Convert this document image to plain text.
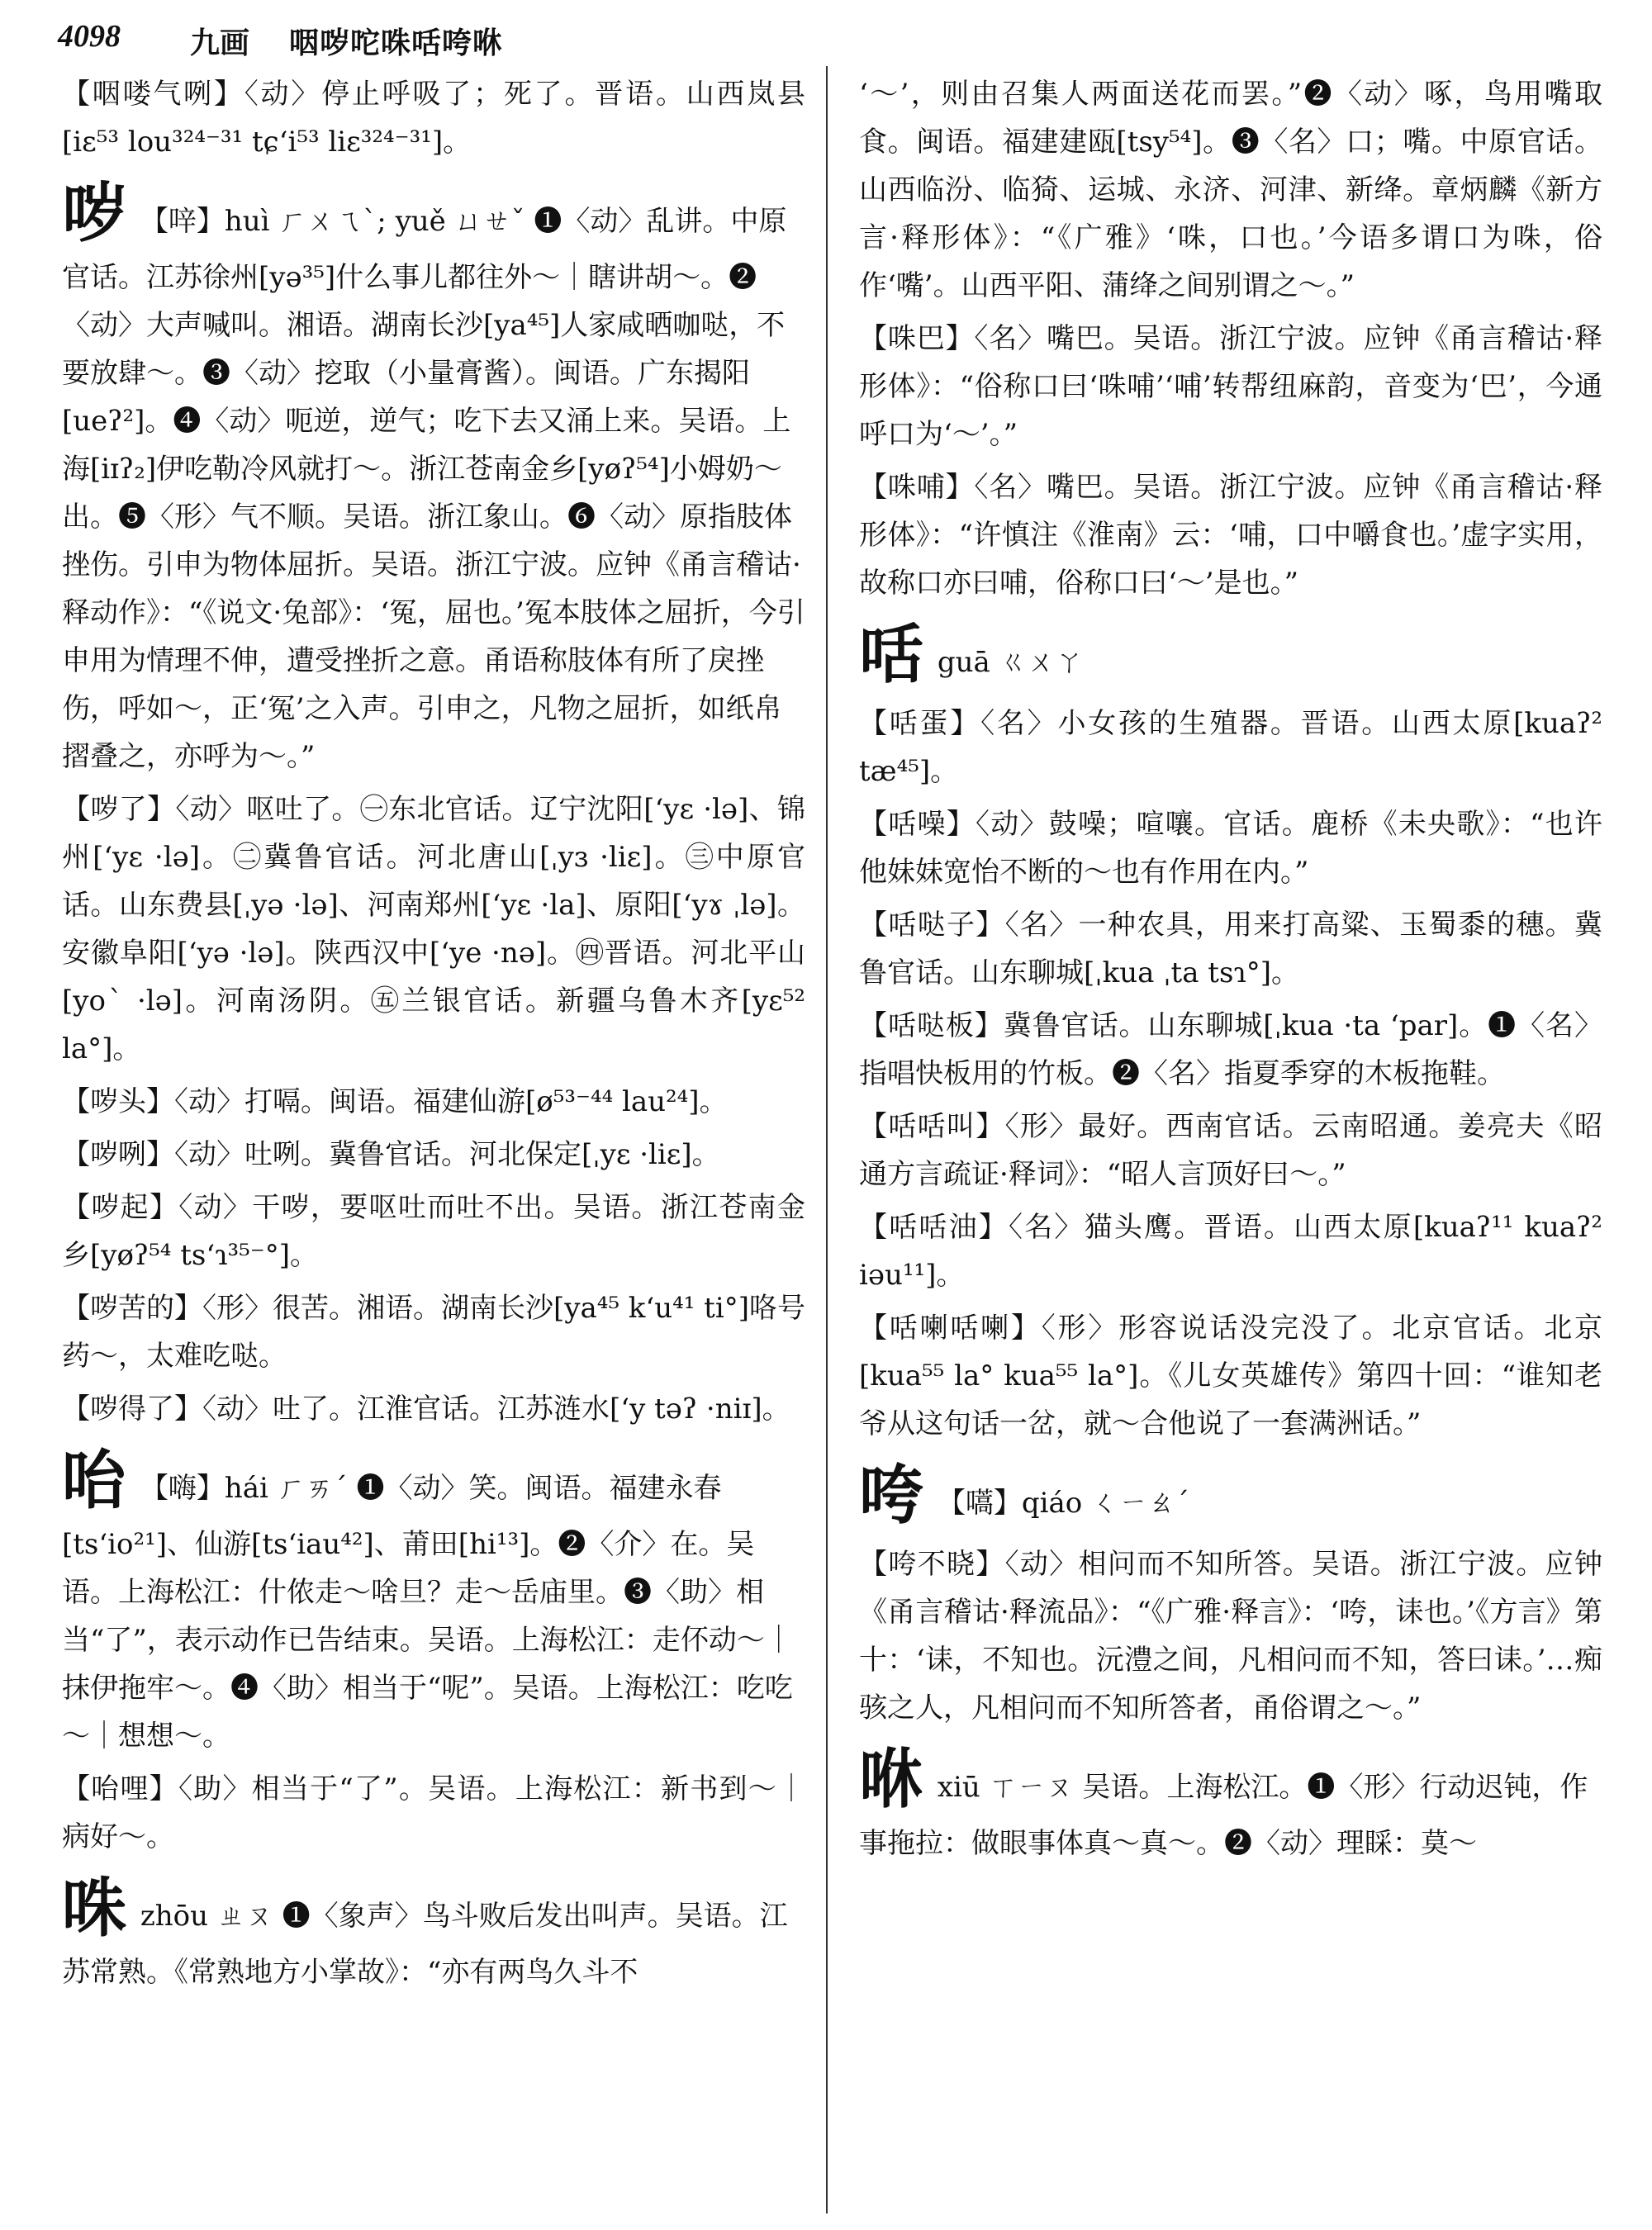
4098 九画 咽哕咜咮咶咵咻

【咽喽气咧】〈动〉停止呼吸了；死了。晋语。山西岚县[iɛ⁵³ lou³²⁴⁻³¹ tɕʻi⁵³ liɛ³²⁴⁻³¹]。

哕 【㖕】huì ㄏㄨㄟˋ; yuě ㄩㄝˇ ❶〈动〉乱讲。中原官话。江苏徐州[yə³⁵]什么事儿都往外～｜瞎讲胡～。❷〈动〉大声喊叫。湘语。湖南长沙[ya⁴⁵]人家咸晒咖哒，不要放肆～。❸〈动〉挖取（小量膏酱）。闽语。广东揭阳[ueʔ²]。❹〈动〉呃逆，逆气；吃下去又涌上来。吴语。上海[iɪʔ₂]伊吃勒冷风就打～。浙江苍南金乡[yøʔ⁵⁴]小姆奶～出。❺〈形〉气不顺。吴语。浙江象山。❻〈动〉原指肢体挫伤。引申为物体屈折。吴语。浙江宁波。应钟《甬言稽诂·释动作》：“《说文·兔部》：‘冤，屈也。’冤本肢体之屈折，今引申用为情理不伸，遭受挫折之意。甬语称肢体有所了戾挫伤，呼如～，正‘冤’之入声。引申之，凡物之屈折，如纸帛摺叠之，亦呼为～。”

【哕了】〈动〉呕吐了。㊀东北官话。辽宁沈阳[ʻyɛ ·lə]、锦州[ʻyɛ ·lə]。㊁冀鲁官话。河北唐山[ˌyɜ ·liɛ]。㊂中原官话。山东费县[ˌyə ·lə]、河南郑州[ʻyɛ ·la]、原阳[ʻyɤ ˌlə]。安徽阜阳[ʻyə ·lə]。陕西汉中[ʻye ·nə]。㊃晋语。河北平山[yoˋ ·lə]。河南汤阴。㊄兰银官话。新疆乌鲁木齐[yɛ⁵² la°]。

【哕头】〈动〉打嗝。闽语。福建仙游[ø⁵³⁻⁴⁴ lau²⁴]。

【哕咧】〈动〉吐咧。冀鲁官话。河北保定[ˌyɛ ·liɛ]。

【哕起】〈动〉干哕，要呕吐而吐不出。吴语。浙江苍南金乡[yøʔ⁵⁴ tsʻɿ³⁵⁻°]。

【哕苦的】〈形〉很苦。湘语。湖南长沙[ya⁴⁵ kʻu⁴¹ ti°]咯号药～，太难吃哒。

【哕得了】〈动〉吐了。江淮官话。江苏涟水[ʻy təʔ ·niɪ]。

咍 【嗨】hái ㄏㄞˊ ❶〈动〉笑。闽语。福建永春[tsʻio²¹]、仙游[tsʻiau⁴²]、莆田[hi¹³]。❷〈介〉在。吴语。上海松江：什侬走～啥旦？走～岳庙里。❸〈助〉相当“了”，表示动作已告结束。吴语。上海松江：走伓动～｜抹伊拖牢～。❹〈助〉相当于“呢”。吴语。上海松江：吃吃～｜想想～。

【咍哩】〈助〉相当于“了”。吴语。上海松江：新书到～｜病好～。

咮 zhōu ㄓㄡ ❶〈象声〉鸟斗败后发出叫声。吴语。江苏常熟。《常熟地方小掌故》：“亦有两鸟久斗不

‘～’，则由召集人两面送花而罢。”❷〈动〉啄，鸟用嘴取食。闽语。福建建瓯[tsy⁵⁴]。❸〈名〉口；嘴。中原官话。山西临汾、临猗、运城、永济、河津、新绛。章炳麟《新方言·释形体》：“《广雅》‘咮，口也。’今语多谓口为咮，俗作‘嘴’。山西平阳、蒲绛之间别谓之～。”

【咮巴】〈名〉嘴巴。吴语。浙江宁波。应钟《甬言稽诂·释形体》：“俗称口曰‘咮哺’‘哺’转帮纽麻韵，音变为‘巴’，今通呼口为‘～’。”

【咮哺】〈名〉嘴巴。吴语。浙江宁波。应钟《甬言稽诂·释形体》：“许慎注《淮南》云：‘哺，口中嚼食也。’虚字实用，故称口亦曰哺，俗称口曰‘～’是也。”

咶 guā ㄍㄨㄚ

【咶蛋】〈名〉小女孩的生殖器。晋语。山西太原[kuaʔ² tæ⁴⁵]。

【咶噪】〈动〉鼓噪；喧嚷。官话。鹿桥《未央歌》：“也许他妹妹宽怡不断的～也有作用在内。”

【咶哒子】〈名〉一种农具，用来打高粱、玉蜀黍的穗。冀鲁官话。山东聊城[ˌkua ˌta tsɿ°]。

【咶哒板】冀鲁官话。山东聊城[ˌkua ·ta ʻpar]。❶〈名〉指唱快板用的竹板。❷〈名〉指夏季穿的木板拖鞋。

【咶咶叫】〈形〉最好。西南官话。云南昭通。姜亮夫《昭通方言疏证·释词》：“昭人言顶好曰～。”

【咶咶油】〈名〉猫头鹰。晋语。山西太原[kuaʔ¹¹ kuaʔ² iəu¹¹]。

【咶喇咶喇】〈形〉形容说话没完没了。北京官话。北京[kua⁵⁵ la° kua⁵⁵ la°]。《儿女英雄传》第四十回：“谁知老爷从这句话一岔，就～合他说了一套满洲话。”

咵 【嚆】qiáo ㄑㄧㄠˊ

【咵不晓】〈动〉相问而不知所答。吴语。浙江宁波。应钟《甬言稽诂·释流品》：“《广雅·释言》：‘咵，诔也。’《方言》第十：‘诔，不知也。沅澧之间，凡相问而不知，答曰诔。’…痴骇之人，凡相问而不知所答者，甬俗谓之～。”

咻 xiū ㄒㄧㄡ 吴语。上海松江。❶〈形〉行动迟钝，作事拖拉：做眼事体真～真～。❷〈动〉理睬：莫～
